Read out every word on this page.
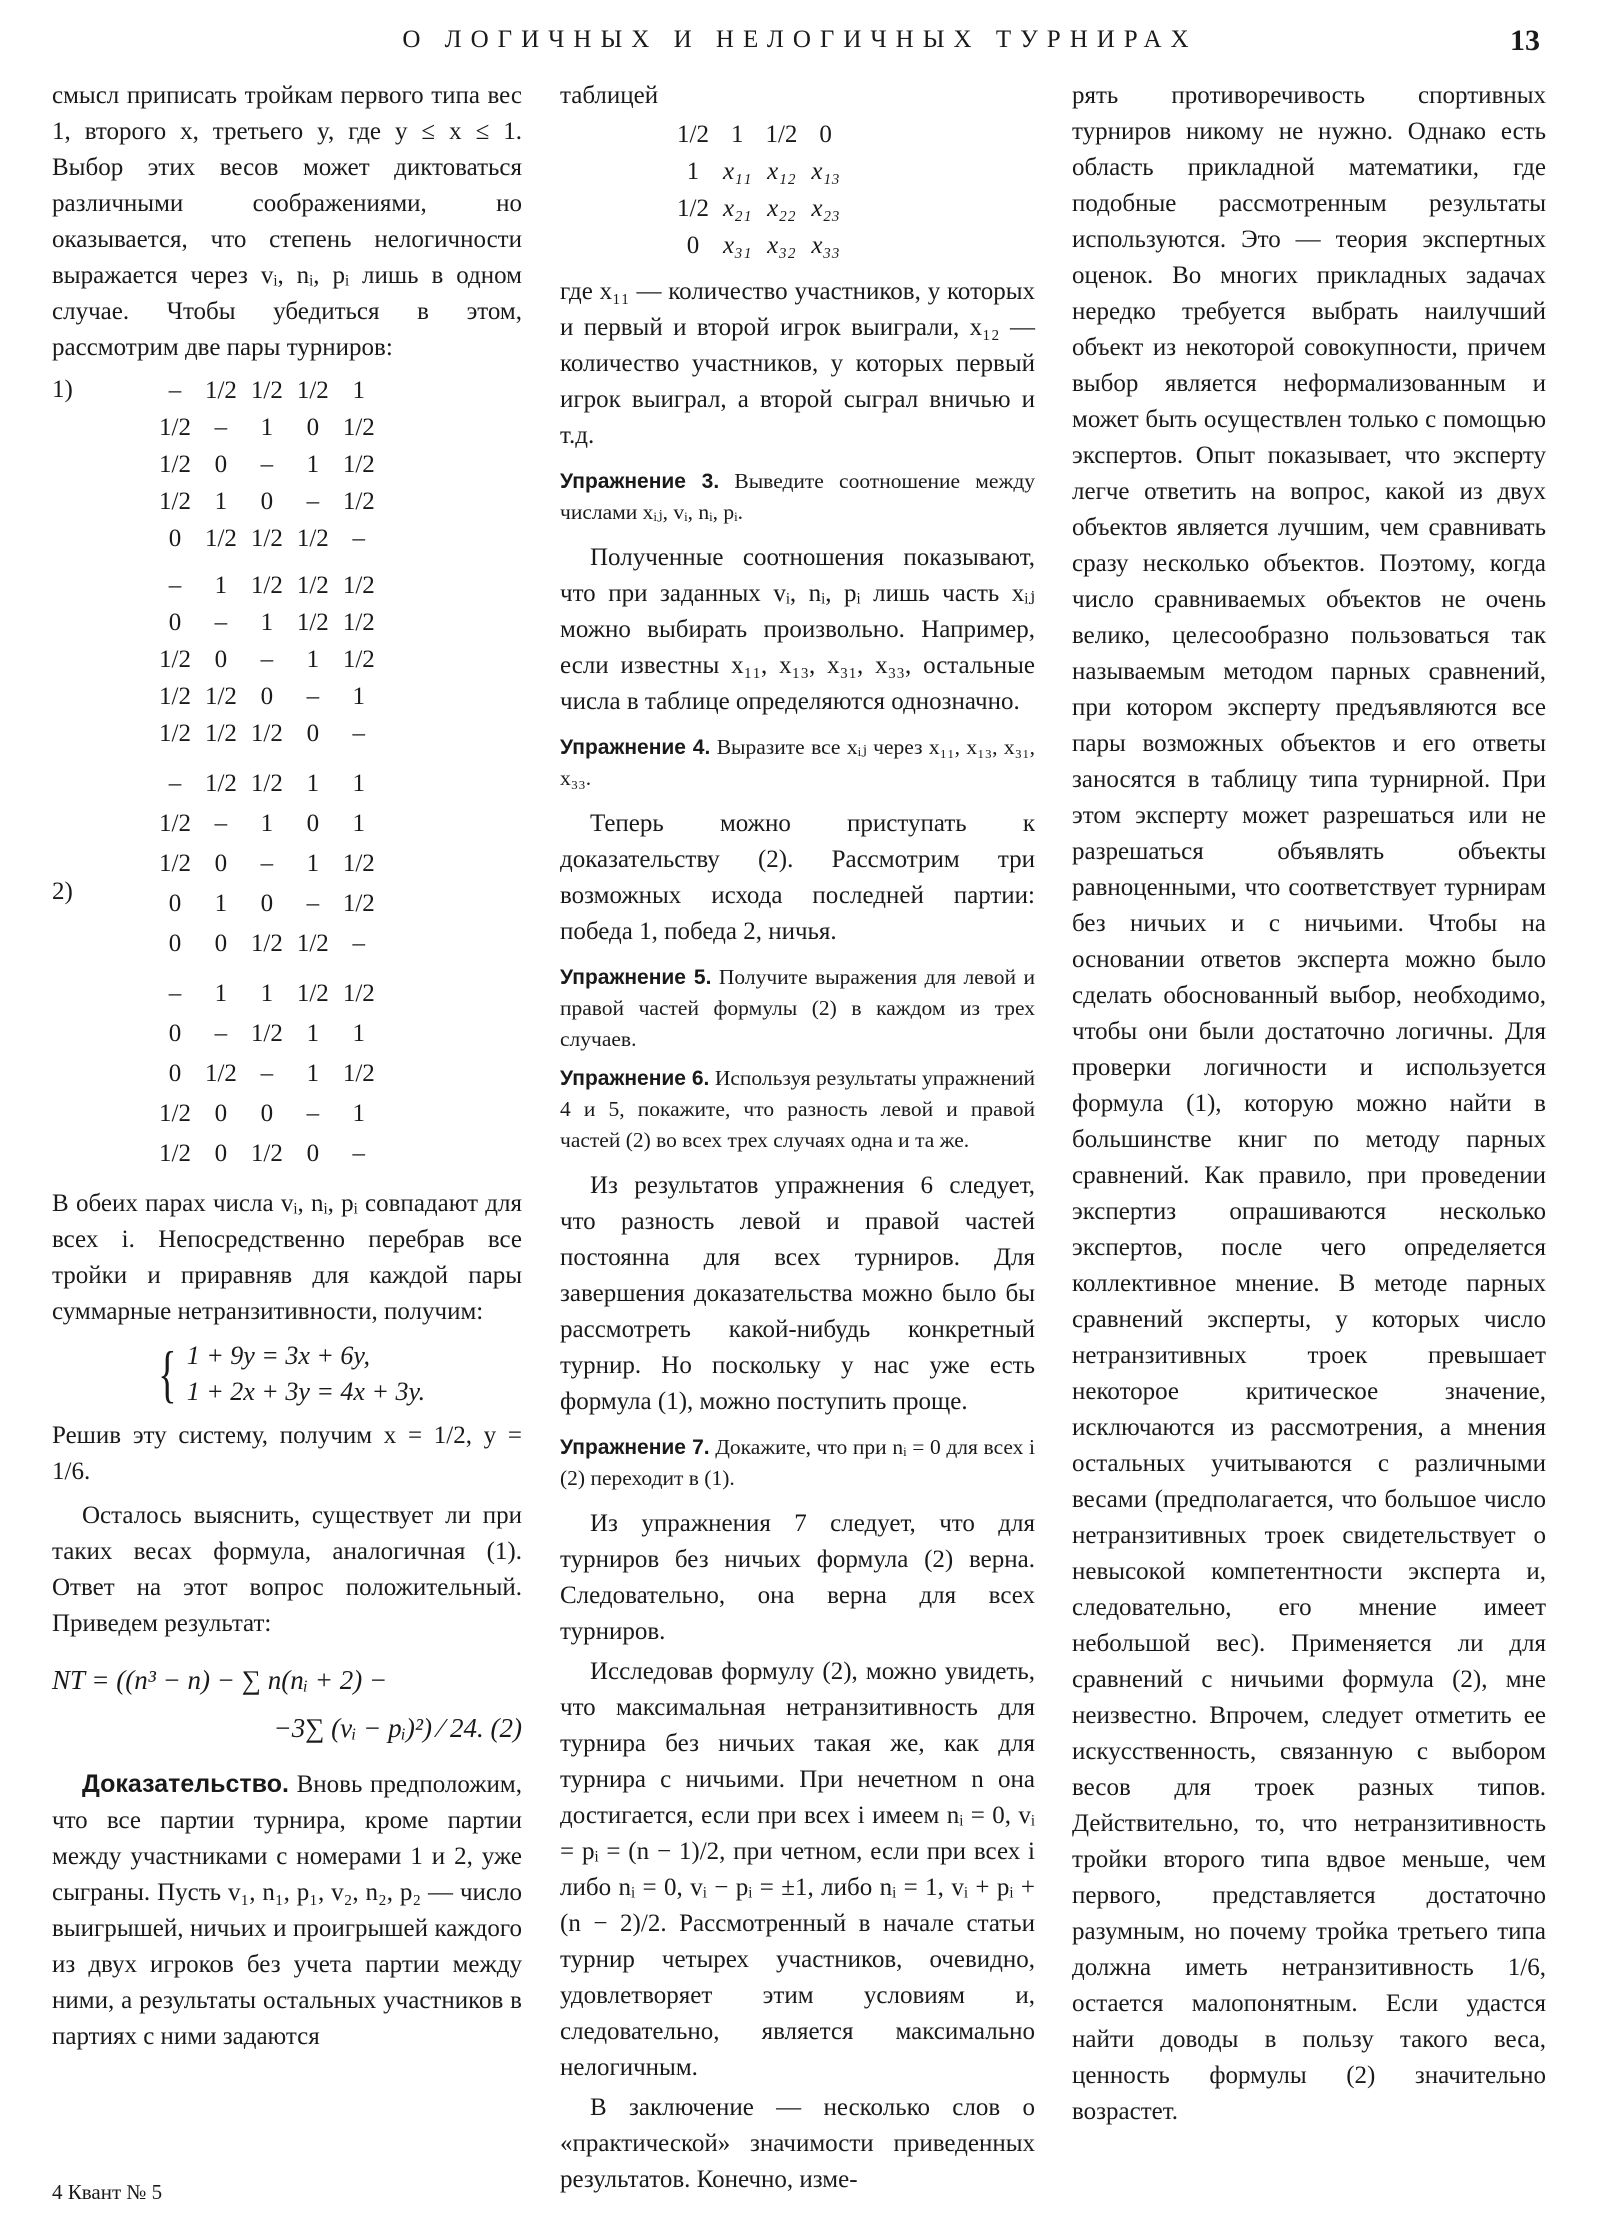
О ЛОГИЧНЫХ И НЕЛОГИЧНЫХ ТУРНИРАХ	13

смысл приписать тройкам первого типа вес 1, второго x, третьего y, где y ≤ x ≤ 1. Выбор этих весов может диктоваться различными соображениями, но оказывается, что степень нелогичности выражается через vᵢ, nᵢ, pᵢ лишь в одном случае. Чтобы убедиться в этом, рассмотрим две пары турниров:

1)	–	1/2	1/2	1/2	1
1/2	–	1	0	1/2
1/2	0	–	1	1/2
1/2	1	0	–	1/2
0	1/2	1/2	1/2	–
–	1	1/2	1/2	1/2
0	–	1	1/2	1/2
1/2	0	–	1	1/2
1/2	1/2	0	–	1
1/2	1/2	1/2	0	–
2)
–	1/2	1/2	1	1
1/2	–	1	0	1
1/2	0	–	1	1/2
0	1	0	–	1/2
0	0	1/2	1/2	–
–	1	1	1/2	1/2
0	–	1/2	1	1
0	1/2	–	1	1/2
1/2	0	0	–	1
1/2	0	1/2	0	–

В обеих парах числа vᵢ, nᵢ, pᵢ совпадают для всех i. Непосредственно перебрав все тройки и приравняв для каждой пары суммарные нетранзитивности, получим:

{ 1 + 9y = 3x + 6y,
1 + 2x + 3y = 4x + 3y.

Решив эту систему, получим x = 1/2, y = 1/6.

Осталось выяснить, существует ли при таких весах формула, аналогичная (1). Ответ на этот вопрос положительный. Приведем результат:

NT = ((n³ − n) − ∑ n(nᵢ + 2) −
−3∑ (vᵢ − pᵢ)²) ⁄ 24. (2)

Доказательство. Вновь предположим, что все партии турнира, кроме партии между участниками с номерами 1 и 2, уже сыграны. Пусть v₁, n₁, p₁, v₂, n₂, p₂ — число выигрышей, ничьих и проигрышей каждого из двух игроков без учета партии между ними, а результаты остальных участников в партиях с ними задаются

таблицей

1/2	1	1/2	0
1	x₁₁	x₁₂	x₁₃
1/2	x₂₁	x₂₂	x₂₃
0	x₃₁	x₃₂	x₃₃

где x₁₁ — количество участников, у которых и первый и второй игрок выиграли, x₁₂ — количество участников, у которых первый игрок выиграл, а второй сыграл вничью и т.д.

Упражнение 3. Выведите соотношение между числами xᵢⱼ, vᵢ, nᵢ, pᵢ.

Полученные соотношения показывают, что при заданных vᵢ, nᵢ, pᵢ лишь часть xᵢⱼ можно выбирать произвольно. Например, если известны x₁₁, x₁₃, x₃₁, x₃₃, остальные числа в таблице определяются однозначно.

Упражнение 4. Выразите все xᵢⱼ через x₁₁, x₁₃, x₃₁, x₃₃.

Теперь можно приступать к доказательству (2). Рассмотрим три возможных исхода последней партии: победа 1, победа 2, ничья.

Упражнение 5. Получите выражения для левой и правой частей формулы (2) в каждом из трех случаев.
Упражнение 6. Используя результаты упражнений 4 и 5, покажите, что разность левой и правой частей (2) во всех трех случаях одна и та же.

Из результатов упражнения 6 следует, что разность левой и правой частей постоянна для всех турниров. Для завершения доказательства можно было бы рассмотреть какой-нибудь конкретный турнир. Но поскольку у нас уже есть формула (1), можно поступить проще.

Упражнение 7. Докажите, что при nᵢ = 0 для всех i (2) переходит в (1).

Из упражнения 7 следует, что для турниров без ничьих формула (2) верна. Следовательно, она верна для всех турниров.

Исследовав формулу (2), можно увидеть, что максимальная нетранзитивность для турнира без ничьих такая же, как для турнира с ничьими. При нечетном n она достигается, если при всех i имеем nᵢ = 0, vᵢ = pᵢ = (n − 1)/2, при четном, если при всех i либо nᵢ = 0, vᵢ − pᵢ = ±1, либо nᵢ = 1, vᵢ + pᵢ + (n − 2)/2. Рассмотренный в начале статьи турнир четырех участников, очевидно, удовлетворяет этим условиям и, следовательно, является максимально нелогичным.

В заключение — несколько слов о «практической» значимости приведенных результатов. Конечно, изме-

рять противоречивость спортивных турниров никому не нужно. Однако есть область прикладной математики, где подобные рассмотренным результаты используются. Это — теория экспертных оценок. Во многих прикладных задачах нередко требуется выбрать наилучший объект из некоторой совокупности, причем выбор является неформализованным и может быть осуществлен только с помощью экспертов. Опыт показывает, что эксперту легче ответить на вопрос, какой из двух объектов является лучшим, чем сравнивать сразу несколько объектов. Поэтому, когда число сравниваемых объектов не очень велико, целесообразно пользоваться так называемым методом парных сравнений, при котором эксперту предъявляются все пары возможных объектов и его ответы заносятся в таблицу типа турнирной. При этом эксперту может разрешаться или не разрешаться объявлять объекты равноценными, что соответствует турнирам без ничьих и с ничьими. Чтобы на основании ответов эксперта можно было сделать обоснованный выбор, необходимо, чтобы они были достаточно логичны. Для проверки логичности и используется формула (1), которую можно найти в большинстве книг по методу парных сравнений. Как правило, при проведении экспертиз опрашиваются несколько экспертов, после чего определяется коллективное мнение. В методе парных сравнений эксперты, у которых число нетранзитивных троек превышает некоторое критическое значение, исключаются из рассмотрения, а мнения остальных учитываются с различными весами (предполагается, что большое число нетранзитивных троек свидетельствует о невысокой компетентности эксперта и, следовательно, его мнение имеет небольшой вес). Применяется ли для сравнений с ничьими формула (2), мне неизвестно. Впрочем, следует отметить ее искусственность, связанную с выбором весов для троек разных типов. Действительно, то, что нетранзитивность тройки второго типа вдвое меньше, чем первого, представляется достаточно разумным, но почему тройка третьего типа должна иметь нетранзитивность 1/6, остается малопонятным. Если удастся найти доводы в пользу такого веса, ценность формулы (2) значительно возрастет.

4 Квант № 5
